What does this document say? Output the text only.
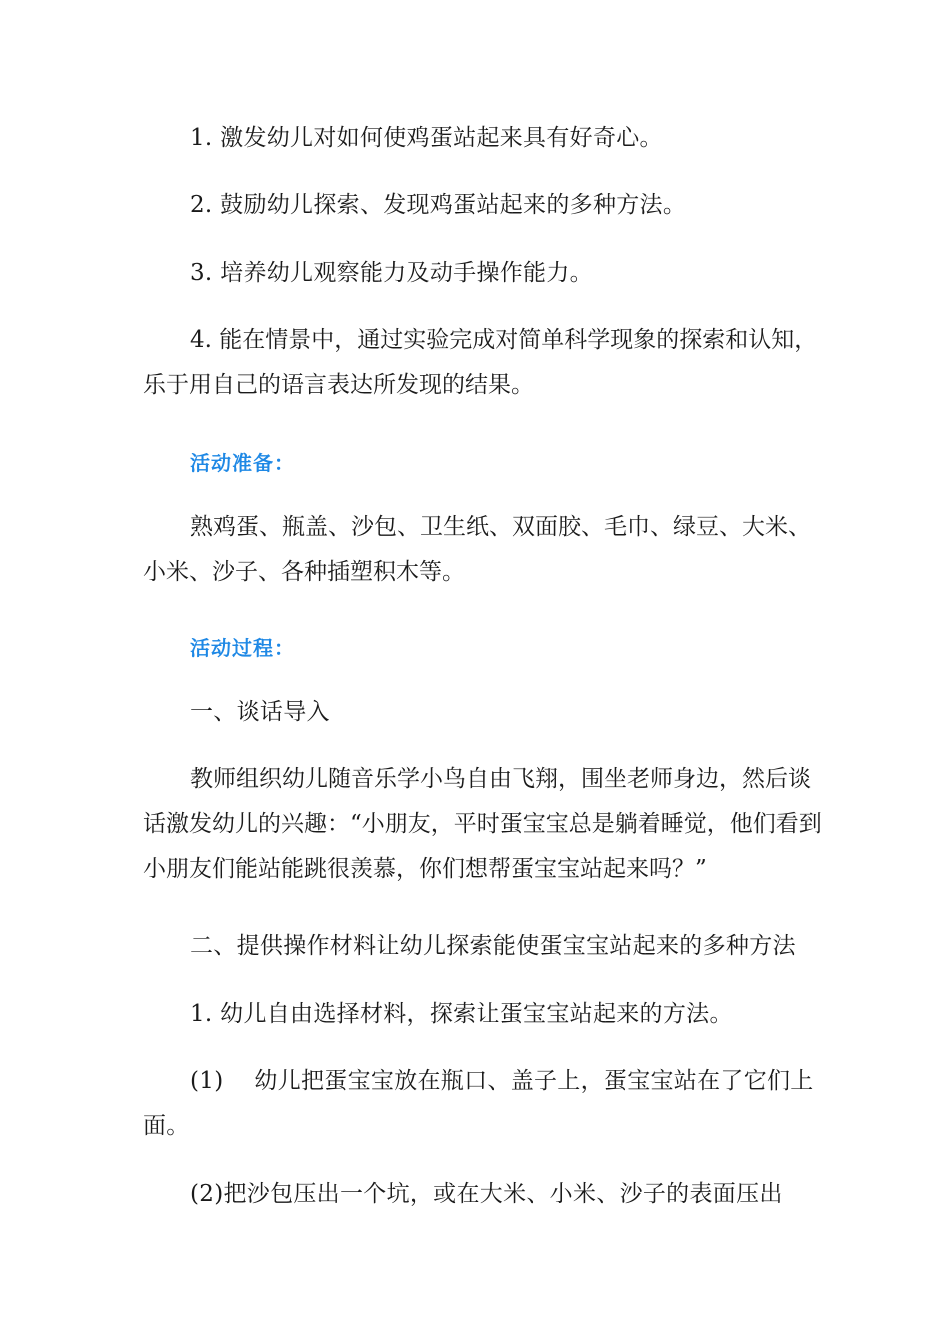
1. 激发幼儿对如何使鸡蛋站起来具有好奇心。

2. 鼓励幼儿探索、发现鸡蛋站起来的多种方法。

3. 培养幼儿观察能力及动手操作能力。

4. 能在情景中，通过实验完成对简单科学现象的探索和认知，乐于用自己的语言表达所发现的结果。

活动准备：

熟鸡蛋、瓶盖、沙包、卫生纸、双面胶、毛巾、绿豆、大米、小米、沙子、各种插塑积木等。

活动过程：

一、谈话导入

教师组织幼儿随音乐学小鸟自由飞翔，围坐老师身边，然后谈话激发幼儿的兴趣：“小朋友，平时蛋宝宝总是躺着睡觉，他们看到小朋友们能站能跳很羡慕，你们想帮蛋宝宝站起来吗？”

二、提供操作材料让幼儿探索能使蛋宝宝站起来的多种方法

1. 幼儿自由选择材料，探索让蛋宝宝站起来的方法。

(1)　 幼儿把蛋宝宝放在瓶口、盖子上，蛋宝宝站在了它们上面。

(2)把沙包压出一个坑，或在大米、小米、沙子的表面压出
